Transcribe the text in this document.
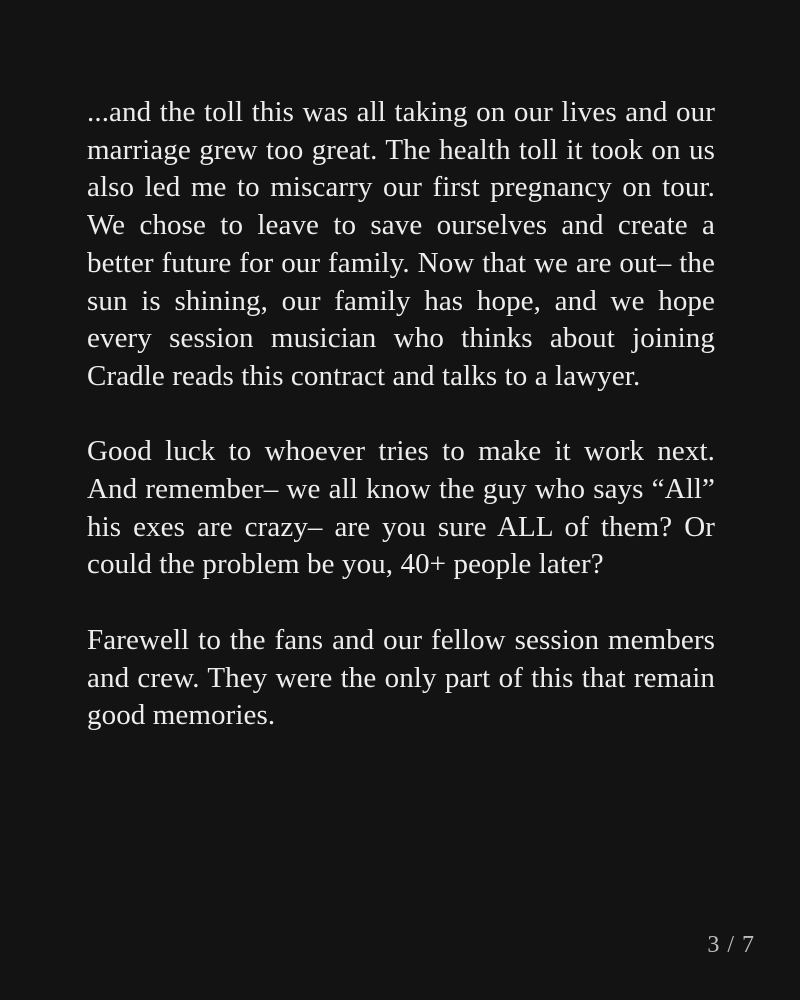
...and the toll this was all taking on our lives and our marriage grew too great. The health toll it took on us also led me to miscarry our first pregnancy on tour. We chose to leave to save ourselves and create a better future for our family. Now that we are out– the sun is shining, our family has hope, and we hope every session musician who thinks about joining Cradle reads this contract and talks to a lawyer.

Good luck to whoever tries to make it work next. And remember– we all know the guy who says “All” his exes are crazy– are you sure ALL of them? Or could the problem be you, 40+ people later?

Farewell to the fans and our fellow session members and crew. They were the only part of this that remain good memories.

3 / 7
